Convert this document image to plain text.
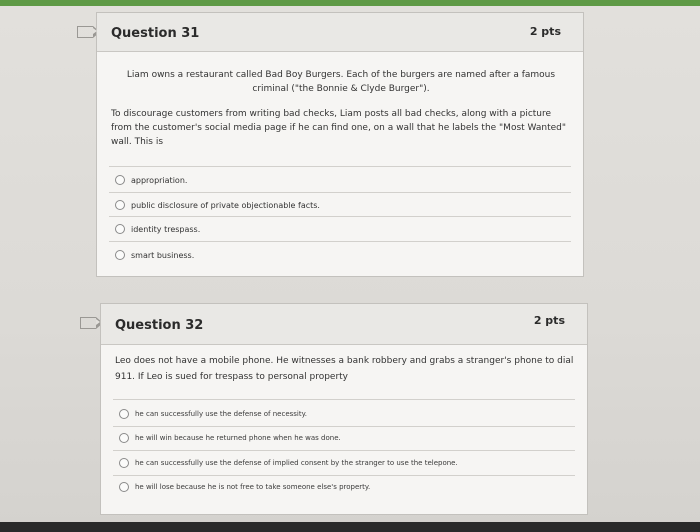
Question 31	2 pts
Liam owns a restaurant called Bad Boy Burgers. Each of the burgers are named after a famous
criminal ("the Bonnie & Clyde Burger").
To discourage customers from writing bad checks, Liam posts all bad checks, along with a picture
from the customer's social media page if he can find one, on a wall that he labels the "Most Wanted"
wall. This is
appropriation.
public disclosure of private objectionable facts.
identity trespass.
smart business.
Question 32	2 pts
Leo does not have a mobile phone. He witnesses a bank robbery and grabs a stranger's phone to dial
911. If Leo is sued for trespass to personal property
he can successfully use the defense of necessity.
he will win because he returned phone when he was done.
he can successfully use the defense of implied consent by the stranger to use the telepone.
he will lose because he is not free to take someone else's property.
